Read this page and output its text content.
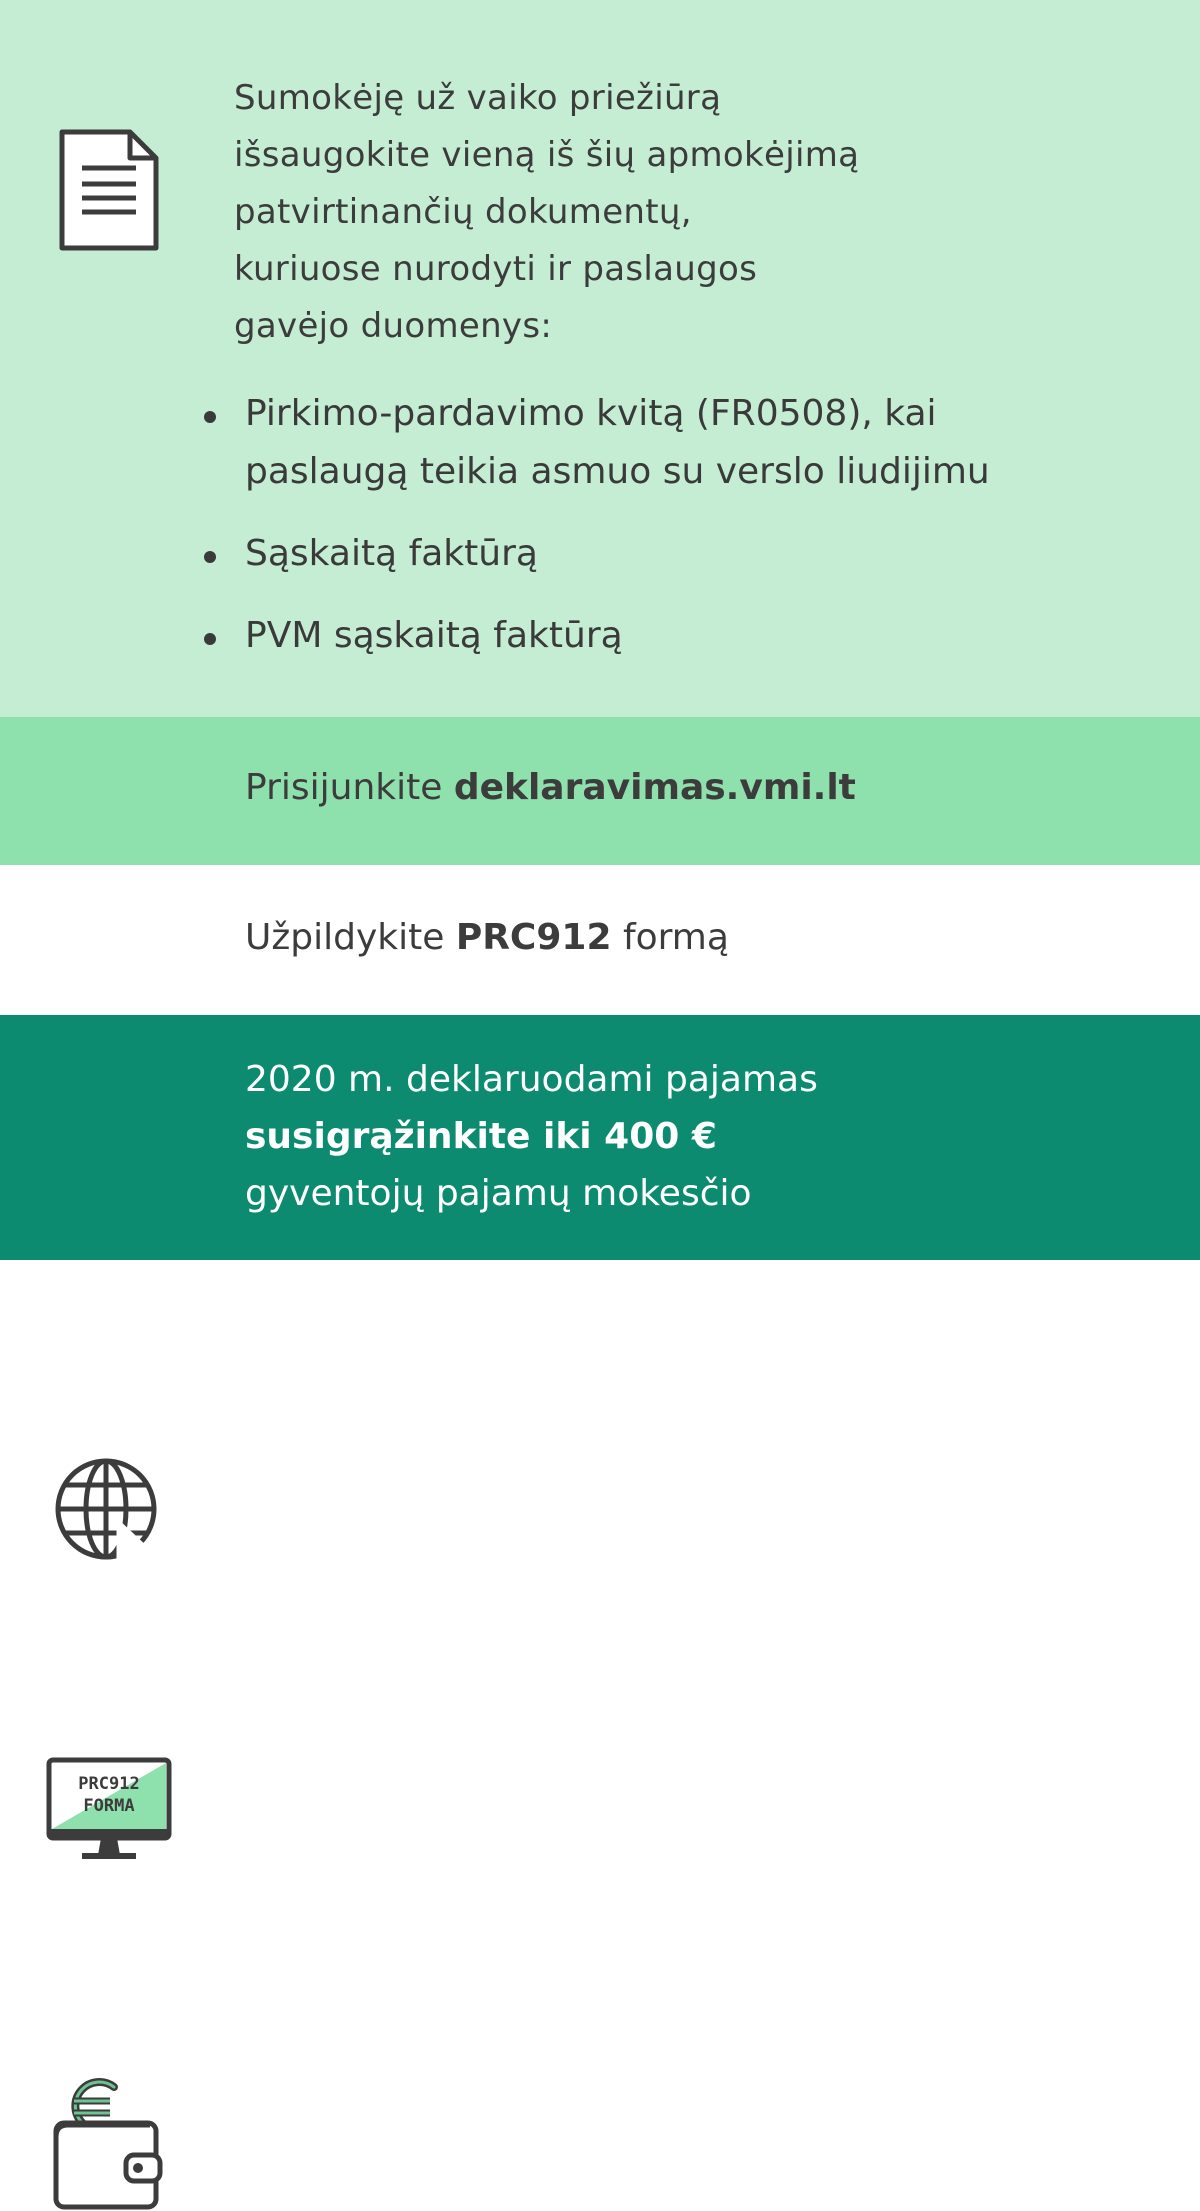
Sumokėję už vaiko priežiūrą
išsaugokite vieną iš šių apmokėjimą
patvirtinančių dokumentų,
kuriuose nurodyti ir paslaugos
gavėjo duomenys:
Pirkimo-pardavimo kvitą (FR0508), kai
paslaugą teikia asmuo su verslo liudijimu
Sąskaitą faktūrą
PVM sąskaitą faktūrą
Prisijunkite deklaravimas.vmi.lt
PRC912
FORMA
Užpildykite PRC912 formą
2020 m. deklaruodami pajamas
susigrąžinkite iki 400 €
gyventojų pajamų mokesčio
